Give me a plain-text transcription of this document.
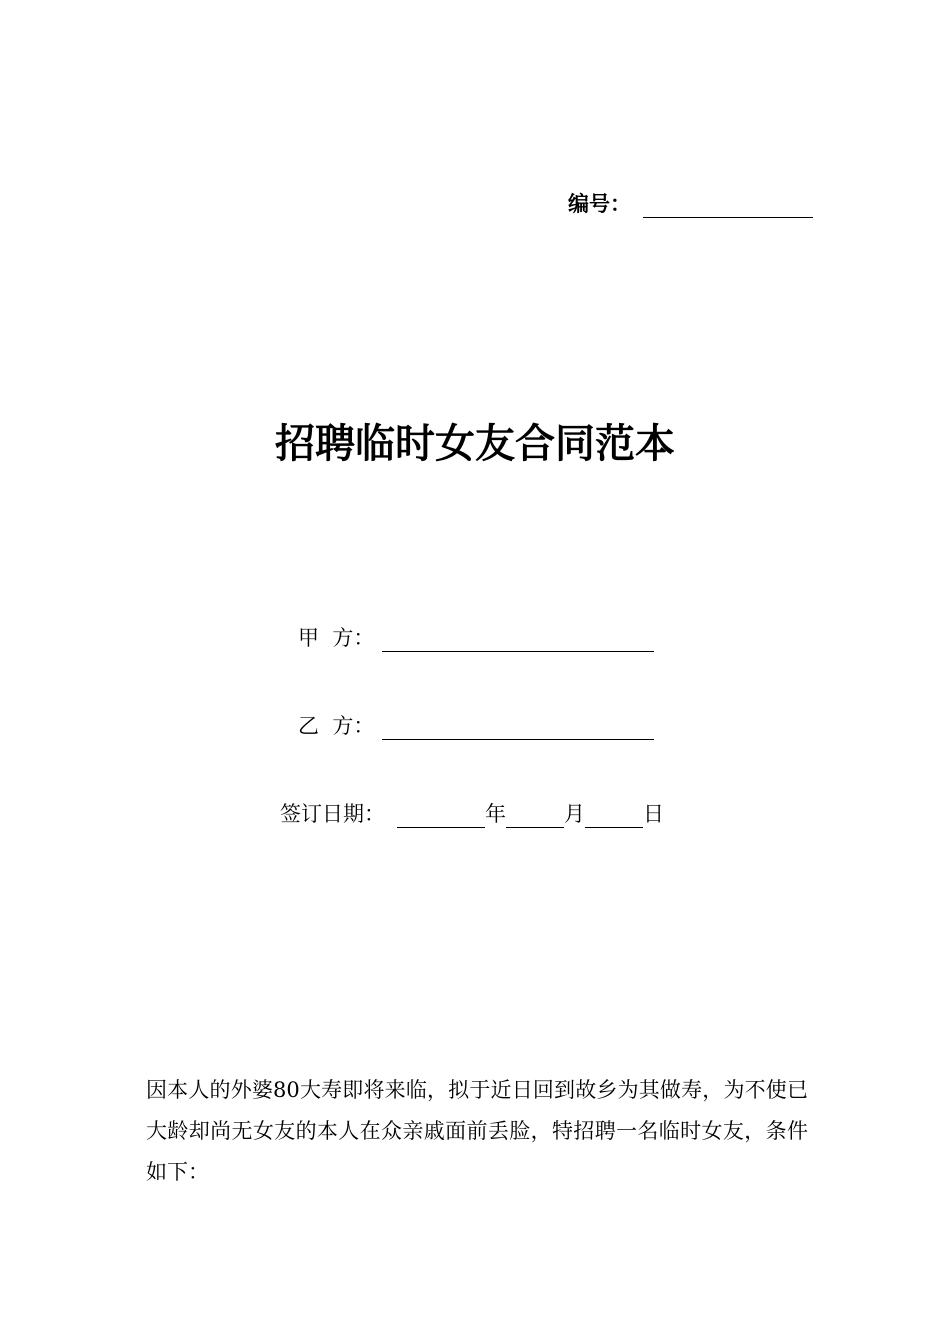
编号：
招聘临时女友合同范本
甲  方：
乙  方：
签订日期：	年	月	日
因本人的外婆80大寿即将来临，拟于近日回到故乡为其做寿，为不使已大龄却尚无女友的本人在众亲戚面前丢脸，特招聘一名临时女友，条件如下：
